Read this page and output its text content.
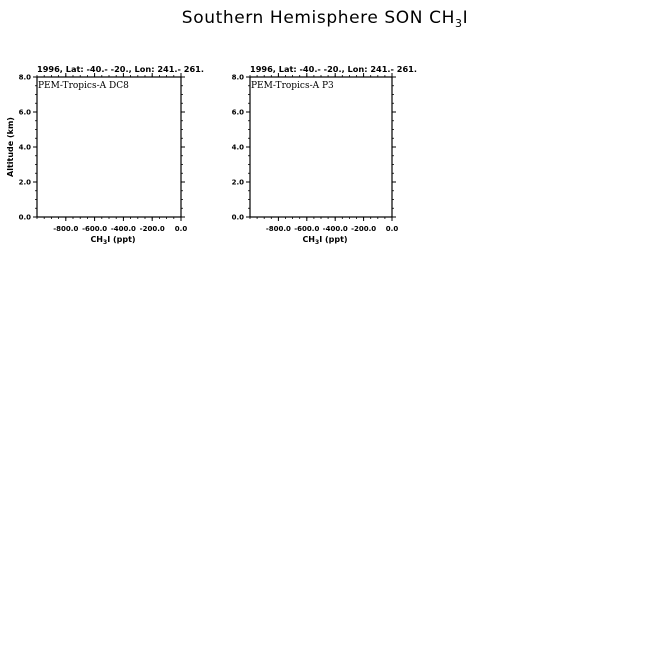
Southern Hemisphere SON $CH_3I$
1996, Lat: -40.- -20., Lon: 241.- 261.
-800.0 -600.0 -400.0 -200.0 0.0
0.0
2.0
4.0
6.0
8.0
PEM-Tropics-A DC8
$CH_3I$ (ppt)
Altitude (km)
1996, Lat: -40.- -20., Lon: 241.- 261.
-800.0 -600.0 -400.0 -200.0 0.0
0.0
2.0
4.0
6.0
8.0
PEM-Tropics-A P3
$CH_3I$ (ppt)
